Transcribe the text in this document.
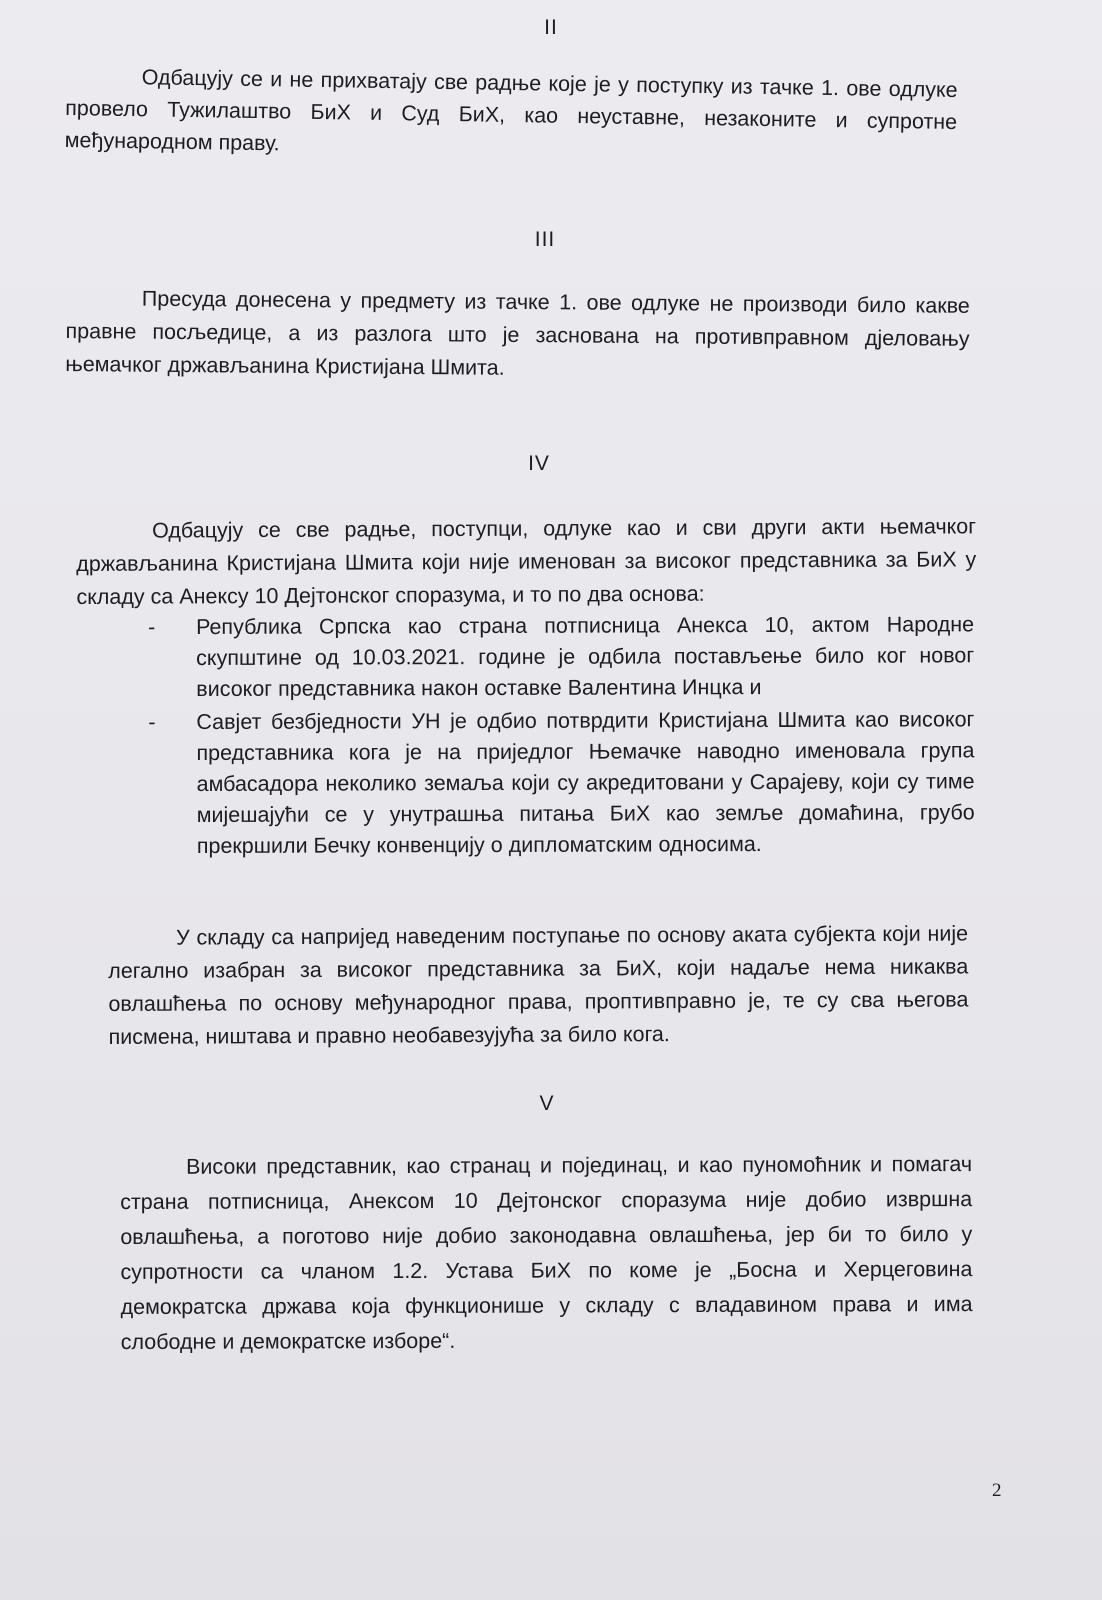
II
Одбацују се и не прихватају све радње које је у поступку из тачке 1. ове одлуке провело Тужилаштво БиХ и Суд БиХ, као неуставне, незаконите и супротне међународном праву.
III
Пресуда донесена у предмету из тачке 1. ове одлуке не производи било какве правне посљедице, а из разлога што је заснована на противправном дјеловању њемачког држављанина Кристијана Шмита.
IV
Одбацују се све радње, поступци, одлуке као и сви други акти њемачког држављанина Кристијана Шмита који није именован за високог представника за БиХ у складу са Анексу 10 Дејтонског споразума, и то по два основа:
- Република Српска као страна потписница Анекса 10, актом Народне скупштине од 10.03.2021. године је одбила постављење било ког новог високог представника након оставке Валентина Инцка и
- Савјет безбједности УН је одбио потврдити Кристијана Шмита као високог представника кога је на приједлог Њемачке наводно именовала група амбасадора неколико земаља који су акредитовани у Сарајеву, који су тиме мијешајући се у унутрашња питања БиХ као земље домаћина, грубо прекршили Бечку конвенцију о дипломатским односима.
У складу са напријед наведеним поступање по основу аката субјекта који није легално изабран за високог представника за БиХ, који надаље нема никаква овлашћења по основу међународног права, проптивправно је, те су сва његова писмена, ништава и правно необавезујућа за било кога.
V
Високи представник, као странац и појединац, и као пуномоћник и помагач страна потписница, Анексом 10 Дејтонског споразума није добио извршна овлашћења, а поготово није добио законодавна овлашћења, јер би то било у супротности са чланом 1.2. Устава БиХ по коме је „Босна и Херцеговина демократска држава која функционише у складу с владавином права и има слободне и демократске изборе“.
2
